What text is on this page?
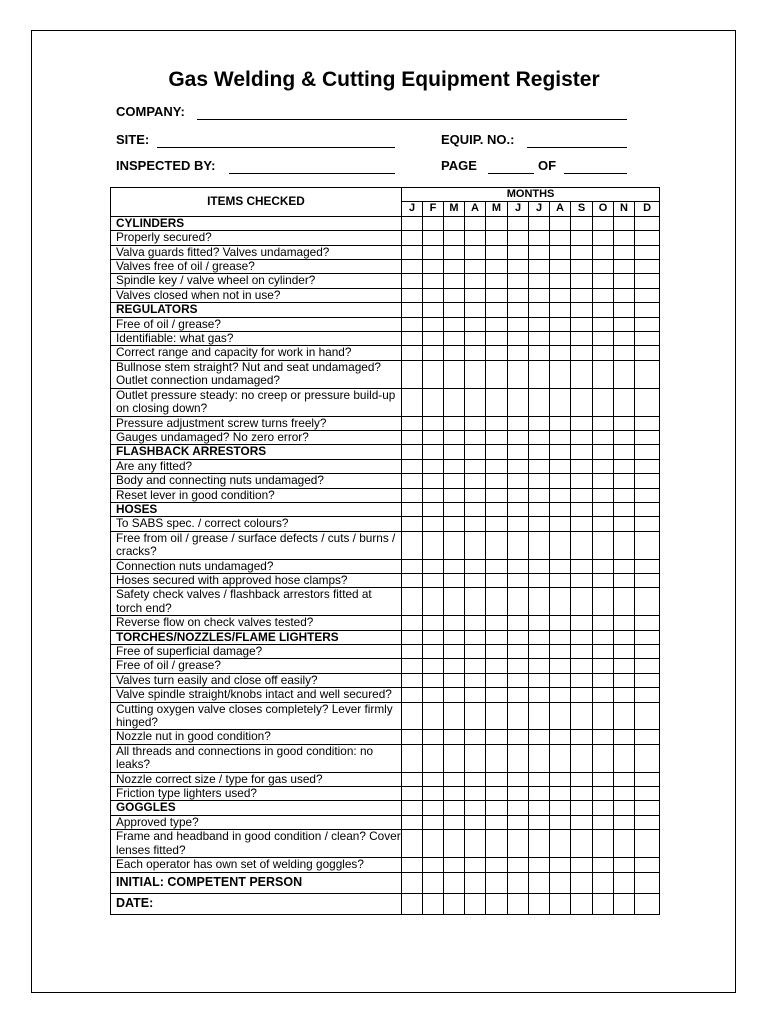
Gas Welding & Cutting Equipment Register
COMPANY:
SITE:	EQUIP. NO.:
INSPECTED BY:	PAGE	OF
ITEMS CHECKED	MONTHS											
	J	F	M	A	M	J	J	A	S	O	N	D
CYLINDERS												
Properly secured?												
Valva guards fitted? Valves undamaged?												
Valves free of oil / grease?												
Spindle key / valve wheel on cylinder?												
Valves closed when not in use?												
REGULATORS												
Free of oil / grease?												
Identifiable: what gas?												
Correct range and capacity for work in hand?												
Bullnose stem straight? Nut and seat undamaged? Outlet connection undamaged?												
Outlet pressure steady: no creep or pressure build-up on closing down?												
Pressure adjustment screw turns freely?												
Gauges undamaged? No zero error?												
FLASHBACK ARRESTORS												
Are any fitted?												
Body and connecting nuts undamaged?												
Reset lever in good condition?												
HOSES												
To SABS spec. / correct colours?												
Free from oil / grease / surface defects / cuts / burns / cracks?												
Connection nuts undamaged?												
Hoses secured with approved hose clamps?												
Safety check valves / flashback arrestors fitted at torch end?												
Reverse flow on check valves tested?												
TORCHES/NOZZLES/FLAME LIGHTERS												
Free of superficial damage?												
Free of oil / grease?												
Valves turn easily and close off easily?												
Valve spindle straight/knobs intact and well secured?												
Cutting oxygen valve closes completely? Lever firmly hinged?												
Nozzle nut in good condition?												
All threads and connections in good condition: no leaks?												
Nozzle correct size / type for gas used?												
Friction type lighters used?												
GOGGLES												
Approved type?												
Frame and headband in good condition / clean? Cover lenses fitted?												
Each operator has own set of welding goggles?												
INITIAL: COMPETENT PERSON												
DATE:												
